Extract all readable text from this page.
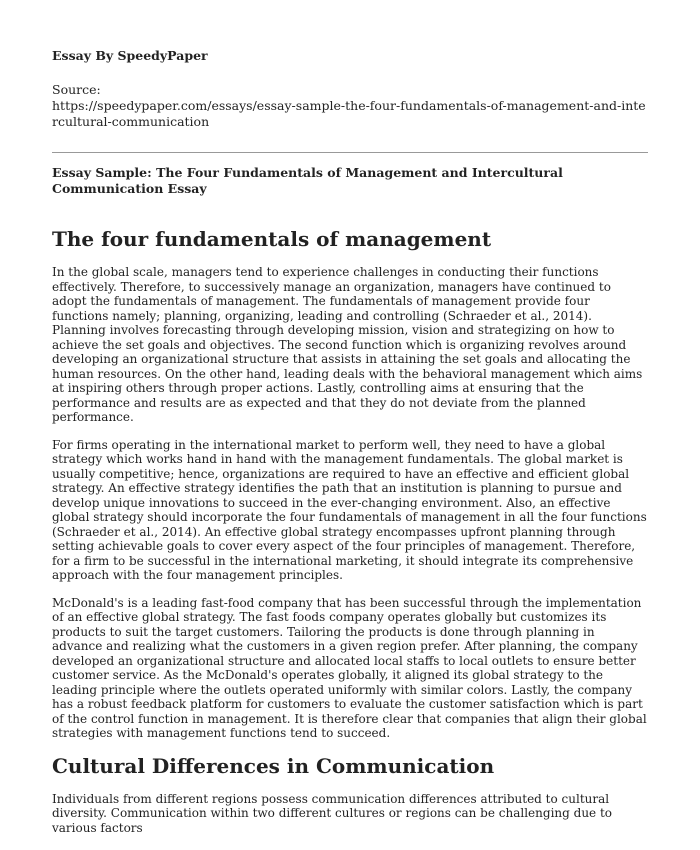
Essay By SpeedyPaper

Source:

https://speedypaper.com/essays/essay-sample-the-four-fundamentals-of-management-and-intercultural-communication

Essay Sample: The Four Fundamentals of Management and Intercultural Communication Essay

The four fundamentals of management

In the global scale, managers tend to experience challenges in conducting their functions effectively. Therefore, to successively manage an organization, managers have continued to adopt the fundamentals of management. The fundamentals of management provide four functions namely; planning, organizing, leading and controlling (Schraeder et al., 2014). Planning involves forecasting through developing mission, vision and strategizing on how to achieve the set goals and objectives. The second function which is organizing revolves around developing an organizational structure that assists in attaining the set goals and allocating the human resources. On the other hand, leading deals with the behavioral management which aims at inspiring others through proper actions. Lastly, controlling aims at ensuring that the performance and results are as expected and that they do not deviate from the planned performance.

For firms operating in the international market to perform well, they need to have a global strategy which works hand in hand with the management fundamentals. The global market is usually competitive; hence, organizations are required to have an effective and efficient global strategy. An effective strategy identifies the path that an institution is planning to pursue and develop unique innovations to succeed in the ever-changing environment. Also, an effective global strategy should incorporate the four fundamentals of management in all the four functions (Schraeder et al., 2014). An effective global strategy encompasses upfront planning through setting achievable goals to cover every aspect of the four principles of management. Therefore, for a firm to be successful in the international marketing, it should integrate its comprehensive approach with the four management principles.

McDonald's is a leading fast-food company that has been successful through the implementation of an effective global strategy. The fast foods company operates globally but customizes its products to suit the target customers. Tailoring the products is done through planning in advance and realizing what the customers in a given region prefer. After planning, the company developed an organizational structure and allocated local staffs to local outlets to ensure better customer service. As the McDonald's operates globally, it aligned its global strategy to the leading principle where the outlets operated uniformly with similar colors. Lastly, the company has a robust feedback platform for customers to evaluate the customer satisfaction which is part of the control function in management. It is therefore clear that companies that align their global strategies with management functions tend to succeed.

Cultural Differences in Communication

Individuals from different regions possess communication differences attributed to cultural diversity. Communication within two different cultures or regions can be challenging due to various factors
